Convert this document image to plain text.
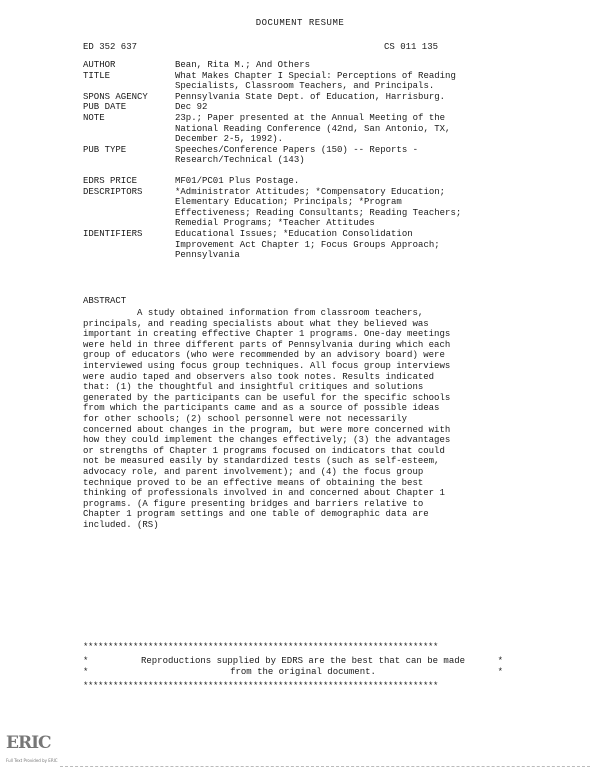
DOCUMENT RESUME
ED 352 637	CS 011 135
AUTHOR	Bean, Rita M.; And Others
TITLE	What Makes Chapter I Special: Perceptions of Reading
Specialists, Classroom Teachers, and Principals.
SPONS AGENCY	Pennsylvania State Dept. of Education, Harrisburg.
PUB DATE	Dec 92
NOTE	23p.; Paper presented at the Annual Meeting of the
National Reading Conference (42nd, San Antonio, TX,
December 2-5, 1992).
PUB TYPE	Speeches/Conference Papers (150) -- Reports -
Research/Technical (143)
EDRS PRICE	MF01/PC01 Plus Postage.
DESCRIPTORS	*Administrator Attitudes; *Compensatory Education;
Elementary Education; Principals; *Program
Effectiveness; Reading Consultants; Reading Teachers;
Remedial Programs; *Teacher Attitudes
IDENTIFIERS	Educational Issues; *Education Consolidation
Improvement Act Chapter 1; Focus Groups Approach;
Pennsylvania
ABSTRACT
A study obtained information from classroom teachers,
principals, and reading specialists about what they believed was
important in creating effective Chapter 1 programs. One-day meetings
were held in three different parts of Pennsylvania during which each
group of educators (who were recommended by an advisory board) were
interviewed using focus group techniques. All focus group interviews
were audio taped and observers also took notes. Results indicated
that: (1) the thoughtful and insightful critiques and solutions
generated by the participants can be useful for the specific schools
from which the participants came and as a source of possible ideas
for other schools; (2) school personnel were not necessarily
concerned about changes in the program, but were more concerned with
how they could implement the changes effectively; (3) the advantages
or strengths of Chapter 1 programs focused on indicators that could
not be measured easily by standardized tests (such as self-esteem,
advocacy role, and parent involvement); and (4) the focus group
technique proved to be an effective means of obtaining the best
thinking of professionals involved in and concerned about Chapter 1
programs. (A figure presenting bridges and barriers relative to
Chapter 1 program settings and one table of demographic data are
included. (RS)
***********************************************************************
*	Reproductions supplied by EDRS are the best that can be made	*
*	from the original document.	*
***********************************************************************
ERIC
Full Text Provided by ERIC
